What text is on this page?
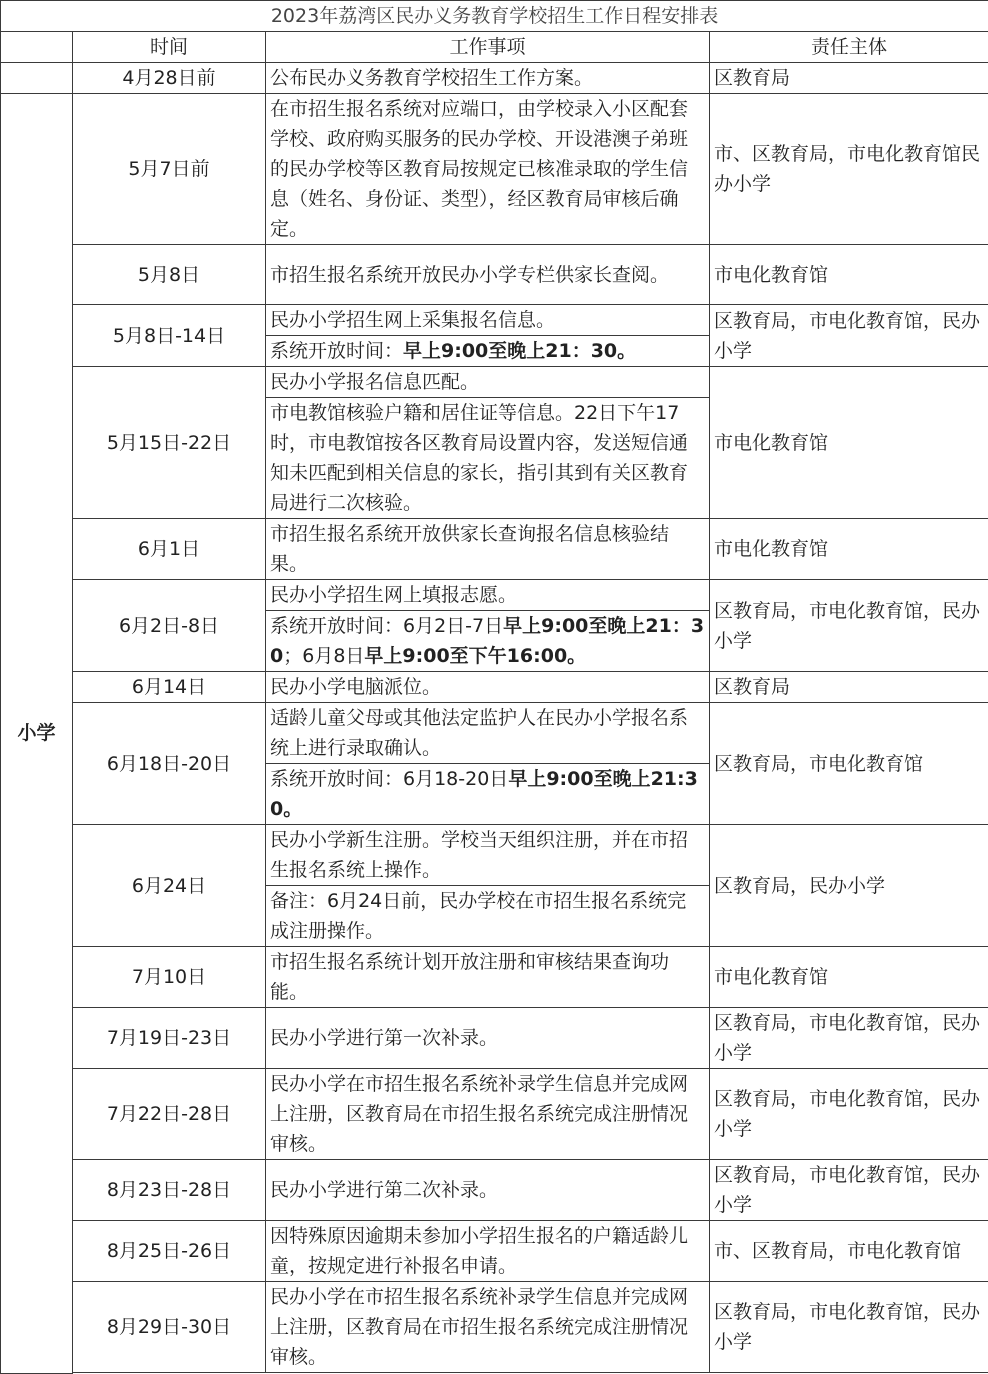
2023年荔湾区民办义务教育学校招生工作日程安排表			
	时间	工作事项	责任主体
	4月28日前	公布民办义务教育学校招生工作方案。	区教育局
小学	5月7日前	在市招生报名系统对应端口，由学校录入小区配套学校、政府购买服务的民办学校、开设港澳子弟班的民办学校等区教育局按规定已核准录取的学生信息（姓名、身份证、类型），经区教育局审核后确定。	市、区教育局，市电化教育馆民办小学
	5月8日	市招生报名系统开放民办小学专栏供家长查阅。	市电化教育馆
	5月8日-14日	民办小学招生网上采集报名信息。	区教育局，市电化教育馆，民办小学
		系统开放时间：早上9:00至晚上21：30。	
	5月15日-22日	民办小学报名信息匹配。	市电化教育馆
		市电教馆核验户籍和居住证等信息。22日下午17时，市电教馆按各区教育局设置内容，发送短信通知未匹配到相关信息的家长，指引其到有关区教育局进行二次核验。	
	6月1日	市招生报名系统开放供家长查询报名信息核验结果。	市电化教育馆
	6月2日-8日	民办小学招生网上填报志愿。	区教育局，市电化教育馆，民办小学
		系统开放时间：6月2日-7日早上9:00至晚上21：30；6月8日早上9:00至下午16:00。	
	6月14日	民办小学电脑派位。	区教育局
	6月18日-20日	适龄儿童父母或其他法定监护人在民办小学报名系统上进行录取确认。	区教育局，市电化教育馆
		系统开放时间：6月18-20日早上9:00至晚上21:30。	
	6月24日	民办小学新生注册。学校当天组织注册，并在市招生报名系统上操作。	区教育局，民办小学
		备注：6月24日前，民办学校在市招生报名系统完成注册操作。	
	7月10日	市招生报名系统计划开放注册和审核结果查询功能。	市电化教育馆
	7月19日-23日	民办小学进行第一次补录。	区教育局，市电化教育馆，民办小学
	7月22日-28日	民办小学在市招生报名系统补录学生信息并完成网上注册，区教育局在市招生报名系统完成注册情况审核。	区教育局，市电化教育馆，民办小学
	8月23日-28日	民办小学进行第二次补录。	区教育局，市电化教育馆，民办小学
	8月25日-26日	因特殊原因逾期未参加小学招生报名的户籍适龄儿童，按规定进行补报名申请。	市、区教育局，市电化教育馆
	8月29日-30日	民办小学在市招生报名系统补录学生信息并完成网上注册，区教育局在市招生报名系统完成注册情况审核。	区教育局，市电化教育馆，民办小学
